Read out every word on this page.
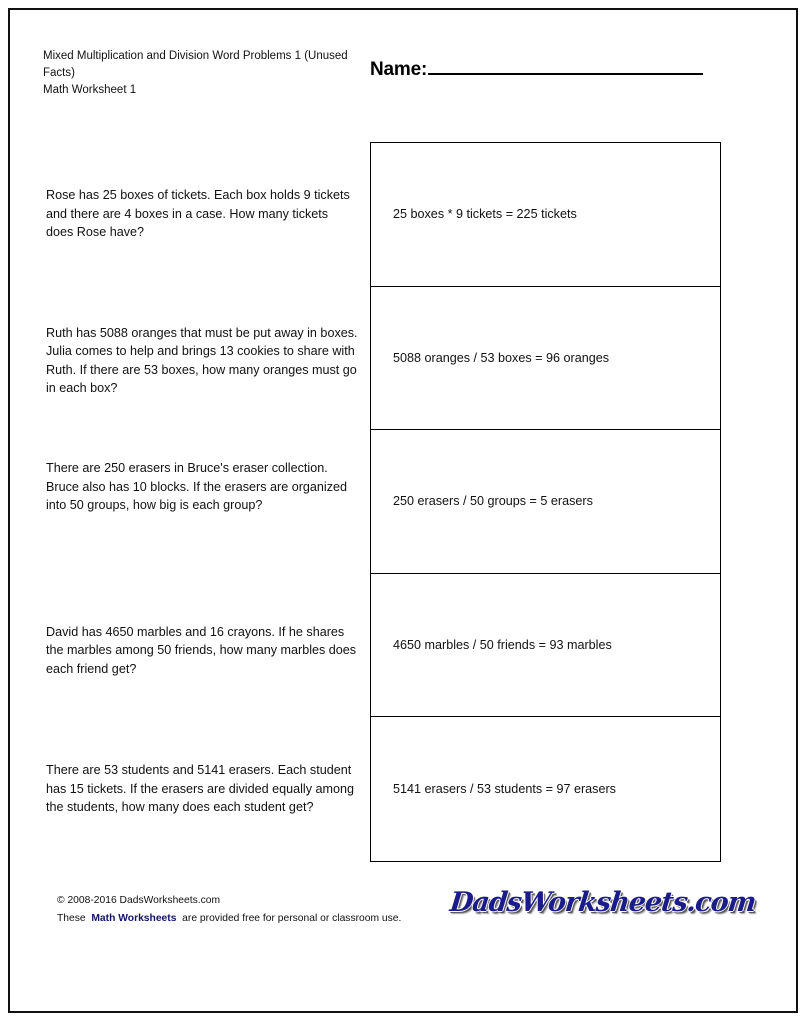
Mixed Multiplication and Division Word Problems 1 (Unused Facts)
Math Worksheet 1
Name:
Rose has 25 boxes of tickets. Each box holds 9 tickets and there are 4 boxes in a case. How many tickets does Rose have?
Ruth has 5088 oranges that must be put away in boxes. Julia comes to help and brings 13 cookies to share with Ruth. If there are 53 boxes, how many oranges must go in each box?
There are 250 erasers in Bruce's eraser collection. Bruce also has 10 blocks. If the erasers are organized into 50 groups, how big is each group?
David has 4650 marbles and 16 crayons. If he shares the marbles among 50 friends, how many marbles does each friend get?
There are 53 students and 5141 erasers. Each student has 15 tickets. If the erasers are divided equally among the students, how many does each student get?
25 boxes * 9 tickets = 225 tickets
5088 oranges / 53 boxes = 96 oranges
250 erasers / 50 groups = 5 erasers
4650 marbles / 50 friends = 93 marbles
5141 erasers / 53 students = 97 erasers
© 2008-2016 DadsWorksheets.com
These Math Worksheets are provided free for personal or classroom use.
DadsWorksheets.com
